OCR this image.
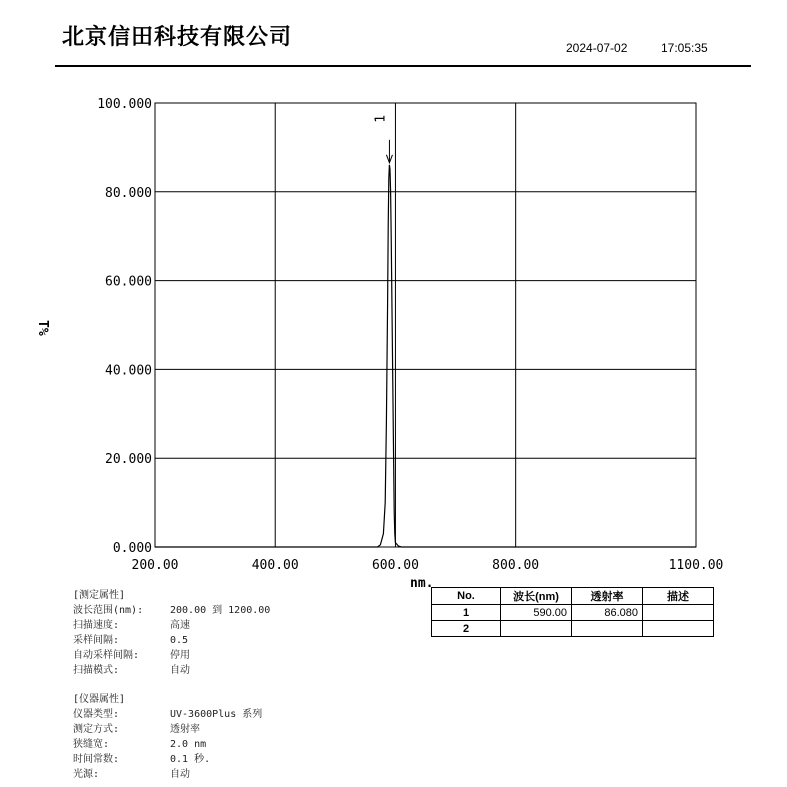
北京信田科技有限公司	2024-07-02	17:05:35
200.00	400.00	600.00	800.00	1100.00
0.000
20.000
40.000
60.000
80.000
100.000
nm.
T%
1
No.	波长(nm)	透射率	描述
1	590.00	86.080	
2			
[测定属性]
波长范围(nm):	200.00 到 1200.00
扫描速度:	高速
采样间隔:	0.5
自动采样间隔:	停用
扫描模式:	自动
[仪器属性]
仪器类型:	UV-3600Plus 系列
测定方式:	透射率
狭缝宽:	2.0 nm
时间常数:	0.1 秒.
光源:	自动
